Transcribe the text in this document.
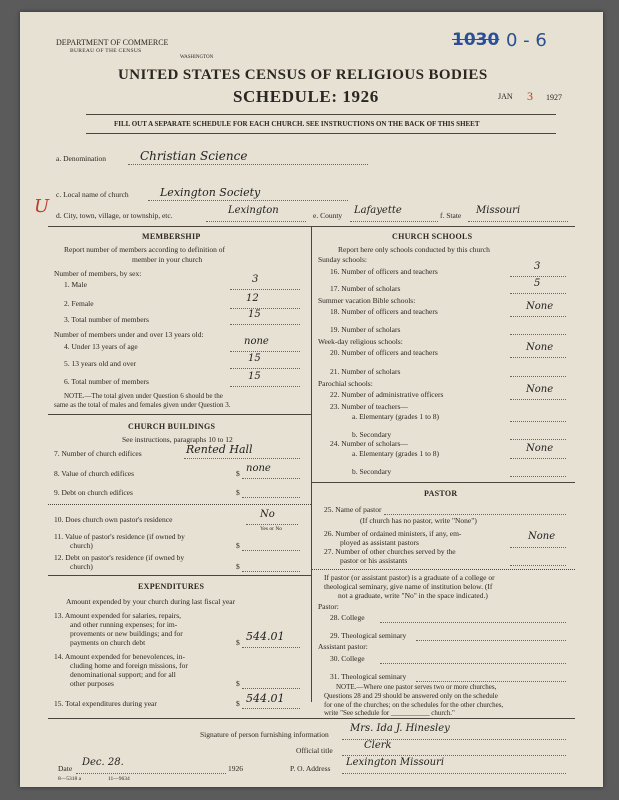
DEPARTMENT OF COMMERCE
BUREAU OF THE CENSUS
WASHINGTON
1030 0 - 6
UNITED STATES CENSUS OF RELIGIOUS BODIES
SCHEDULE: 1926	JAN 3 1927
FILL OUT A SEPARATE SCHEDULE FOR EACH CHURCH. SEE INSTRUCTIONS ON THE BACK OF THIS SHEET
a. Denomination	Christian Science
c. Local name of church	Lexington Society
U d. City, town, village, or township, etc.	Lexington	e. County Lafayette	f. State Missouri
MEMBERSHIP
Report number of members according to definition of
member in your church
Number of members, by sex:
1. Male	3
2. Female	12
3. Total number of members	15
Number of members under and over 13 years old:
4. Under 13 years of age	none
5. 13 years old and over	15
6. Total number of members	15
NOTE.—The total given under Question 6 should be the
same as the total of males and females given under Question 3.
CHURCH BUILDINGS
See instructions, paragraphs 10 to 12
7. Number of church edifices	Rented Hall
8. Value of church edifices	$ none
9. Debt on church edifices	$
10. Does church own pastor's residence	No
Yes or No
11. Value of pastor's residence (if owned by
church)	$
12. Debt on pastor's residence (if owned by
church)	$
EXPENDITURES
Amount expended by your church during last fiscal year
13. Amount expended for salaries, repairs,
and other running expenses; for im-
provements or new buildings; and for
payments on church debt	$ 544.01
14. Amount expended for benevolences, in-
cluding home and foreign missions, for
denominational support; and for all
other purposes	$
15. Total expenditures during year	$ 544.01
CHURCH SCHOOLS
Report here only schools conducted by this church
Sunday schools:
16. Number of officers and teachers	3
17. Number of scholars	5
Summer vacation Bible schools:
18. Number of officers and teachers	None
19. Number of scholars
Week-day religious schools:
20. Number of officers and teachers	None
21. Number of scholars
Parochial schools:
22. Number of administrative officers	None
23. Number of teachers—
a. Elementary (grades 1 to 8)
b. Secondary
24. Number of scholars—
a. Elementary (grades 1 to 8)	None
b. Secondary
PASTOR
25. Name of pastor
(If church has no pastor, write "None")
26. Number of ordained ministers, if any, em-
ployed as assistant pastors
None
27. Number of other churches served by the
pastor or his assistants
If pastor (or assistant pastor) is a graduate of a college or
theological seminary, give name of institution below. (If
not a graduate, write "No" in the space indicated.)
Pastor:
28. College
29. Theological seminary
Assistant pastor:
30. College
31. Theological seminary
NOTE.—Where one pastor serves two or more churches,
Questions 28 and 29 should be answered only on the schedule
for one of the churches; on the schedules for the other churches,
write "See schedule for ___________ church."
Signature of person furnishing information
Mrs. Ida J. Hinesley
Official title	Clerk
Date
Dec. 28.
1926	P. O. Address
Lexington Missouri
8—5318 a	11—9634
